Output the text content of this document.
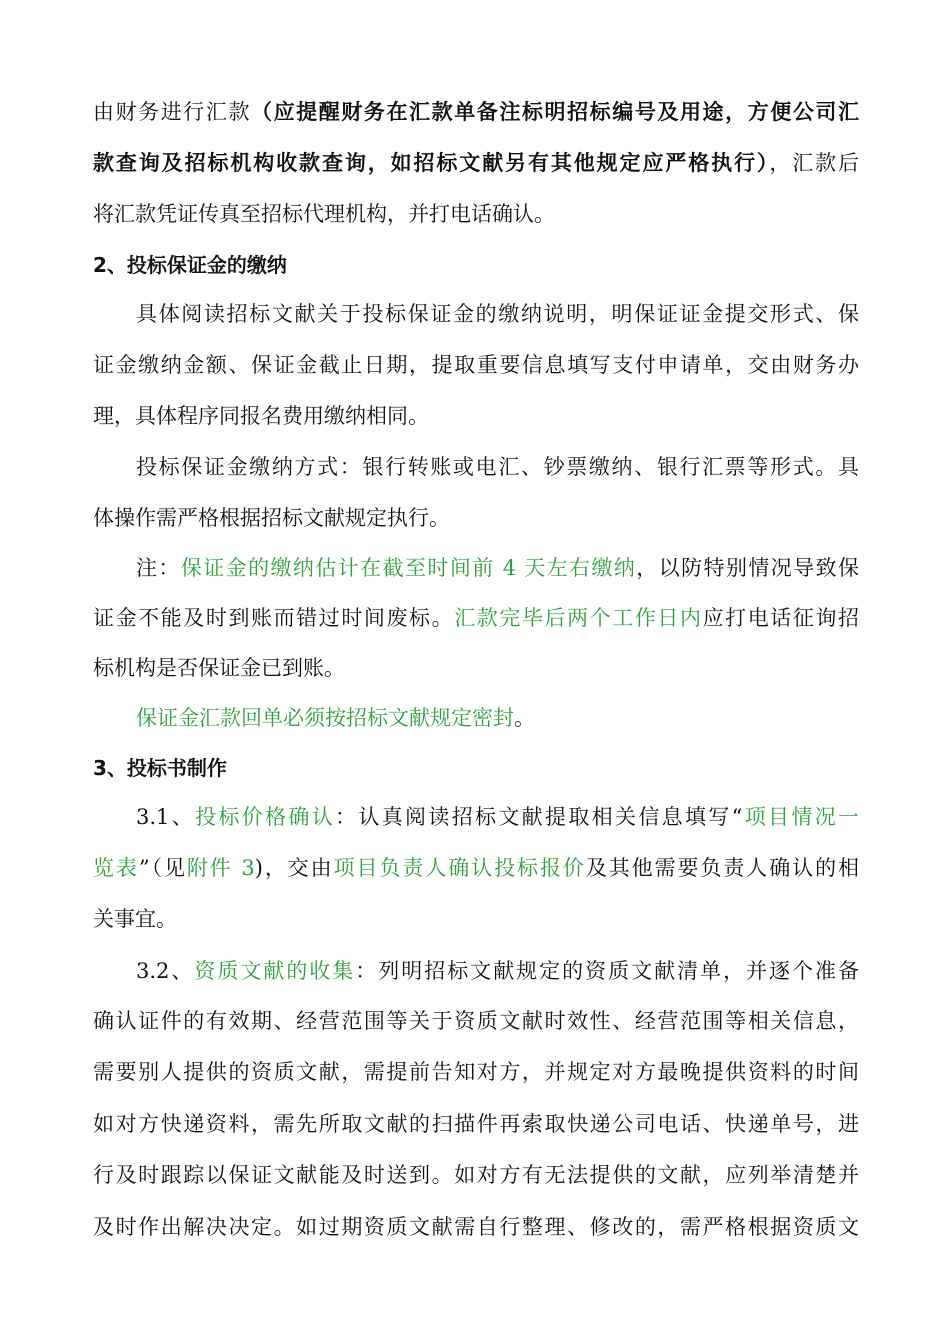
由财务进行汇款（应提醒财务在汇款单备注标明招标编号及用途，方便公司汇
款查询及招标机构收款查询，如招标文献另有其他规定应严格执行），汇款后
将汇款凭证传真至招标代理机构，并打电话确认。
2、投标保证金的缴纳
具体阅读招标文献关于投标保证金的缴纳说明，明保证证金提交形式、保
证金缴纳金额、保证金截止日期，提取重要信息填写支付申请单，交由财务办
理，具体程序同报名费用缴纳相同。
投标保证金缴纳方式：银行转账或电汇、钞票缴纳、银行汇票等形式。具
体操作需严格根据招标文献规定执行。
注：保证金的缴纳估计在截至时间前 4 天左右缴纳，以防特别情况导致保
证金不能及时到账而错过时间废标。汇款完毕后两个工作日内应打电话征询招
标机构是否保证金已到账。
保证金汇款回单必须按招标文献规定密封。
3、投标书制作
3.1、投标价格确认：认真阅读招标文献提取相关信息填写“项目情况一
览表”（见附件 3)，交由项目负责人确认投标报价及其他需要负责人确认的相
关事宜。
3.2、资质文献的收集：列明招标文献规定的资质文献清单，并逐个准备
确认证件的有效期、经营范围等关于资质文献时效性、经营范围等相关信息，
需要别人提供的资质文献，需提前告知对方，并规定对方最晚提供资料的时间
如对方快递资料，需先所取文献的扫描件再索取快递公司电话、快递单号，进
行及时跟踪以保证文献能及时送到。如对方有无法提供的文献，应列举清楚并
及时作出解决决定。如过期资质文献需自行整理、修改的，需严格根据资质文
